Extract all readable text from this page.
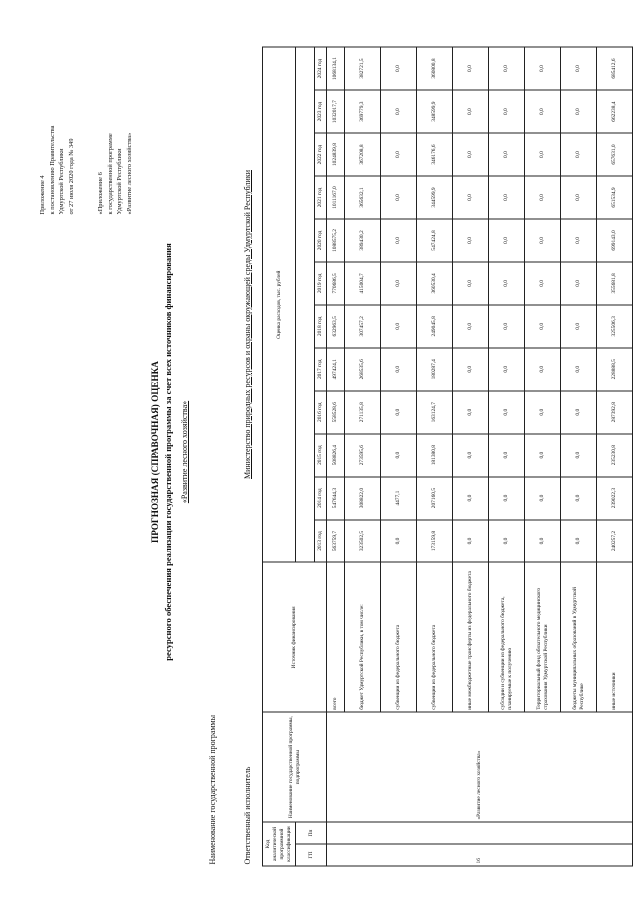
Приложение 4 к постановлению Правительства Удмуртской Республики от 27 июля 2020 года № 349	«Приложение 6 к государственной программе Удмуртской Республики «Развитие лесного хозяйства»
ПРОГНОЗНАЯ (СПРАВОЧНАЯ) ОЦЕНКА ресурсного обеспечения реализации государственной программы за счет всех источников финансирования «Развитие лесного хозяйства»
Наименование государственной программы	Ответственный исполнитель
Министерство природных ресурсов и охраны окружающей среды Удмуртской Республики
Код аналитической программной классификации		Наименование государственной программы, подпрограммы	Источник финансирования	Оценка расходов, тыс. рублей											
ГП	Пп														
				2013 год	2014 год	2015 год	2016 год	2017 год	2018 год	2019 год	2020 год	2021 год	2022 год	2023 год	2024 год
16		«Развитие лесного хозяйства»	всего	563759,7	547644,3	508826,4	558528,6	497424,1	632963,5	770686,5	1088575,2	1011167,0	1024839,8	1032017,7	1068134,1
			бюджет Удмуртской Республики, в том числе:	323502,5	308822,0	273595,6	271135,8	268535,6	307457,2	415004,7	389430,2	365632,1	367208,8	369779,3	382721,5
			субвенции из федерального бюджета	0,0	4477,1	0,0	0,0	0,0	0,0	0,0	0,0	0,0	0,0	0,0	0,0
			субвенции из федерального бюджета	173159,8	207160,5	181380,8	163124,7	180287,4	249045,8	360530,4	547424,8	344599,9	346176,6	348599,9	360800,8
			иные межбюджетные трансферты из федерального бюджета	0,0	0,0	0,0	0,0	0,0	0,0	0,0	0,0	0,0	0,0	0,0	0,0
			субсидии и субвенции из федерального бюджета, планируемые к получению	0,0	0,0	0,0	0,0	0,0	0,0	0,0	0,0	0,0	0,0	0,0	0,0
			Территориальный фонд обязательного медицинского страхования Удмуртской Республики	0,0	0,0	0,0	0,0	0,0	0,0	0,0	0,0	0,0	0,0	0,0	0,0
			бюджеты муниципальных образований в Удмуртской Республике	0,0	0,0	0,0	0,0	0,0	0,0	0,0	0,0	0,0	0,0	0,0	0,0
			иные источники	240257,2	239022,3	235230,8	287392,8	228888,5	325506,3	355681,8	699143,0	651534,9	657631,0	662238,4	685412,6
